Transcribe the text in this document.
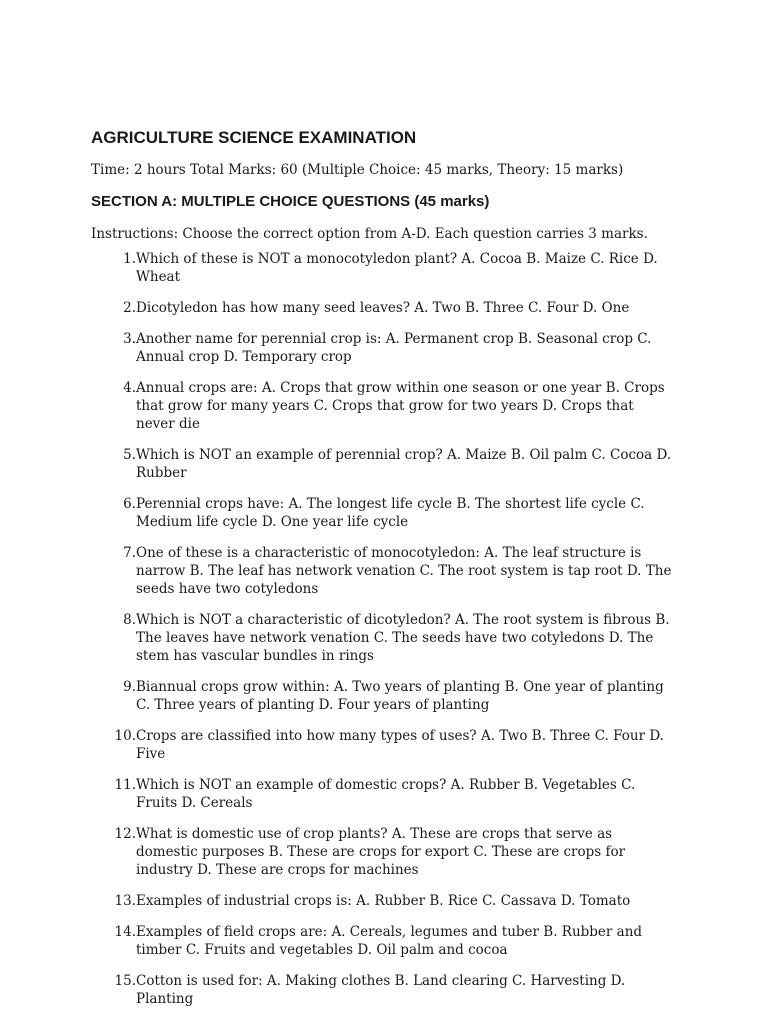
AGRICULTURE SCIENCE EXAMINATION

Time: 2 hours Total Marks: 60 (Multiple Choice: 45 marks, Theory: 15 marks)

SECTION A: MULTIPLE CHOICE QUESTIONS (45 marks)

Instructions: Choose the correct option from A-D. Each question carries 3 marks.

1. Which of these is NOT a monocotyledon plant? A. Cocoa B. Maize C. Rice D. Wheat
2. Dicotyledon has how many seed leaves? A. Two B. Three C. Four D. One
3. Another name for perennial crop is: A. Permanent crop B. Seasonal crop C. Annual crop D. Temporary crop
4. Annual crops are: A. Crops that grow within one season or one year B. Crops that grow for many years C. Crops that grow for two years D. Crops that never die
5. Which is NOT an example of perennial crop? A. Maize B. Oil palm C. Cocoa D. Rubber
6. Perennial crops have: A. The longest life cycle B. The shortest life cycle C. Medium life cycle D. One year life cycle
7. One of these is a characteristic of monocotyledon: A. The leaf structure is narrow B. The leaf has network venation C. The root system is tap root D. The seeds have two cotyledons
8. Which is NOT a characteristic of dicotyledon? A. The root system is fibrous B. The leaves have network venation C. The seeds have two cotyledons D. The stem has vascular bundles in rings
9. Biannual crops grow within: A. Two years of planting B. One year of planting C. Three years of planting D. Four years of planting
10. Crops are classified into how many types of uses? A. Two B. Three C. Four D. Five
11. Which is NOT an example of domestic crops? A. Rubber B. Vegetables C. Fruits D. Cereals
12. What is domestic use of crop plants? A. These are crops that serve as domestic purposes B. These are crops for export C. These are crops for industry D. These are crops for machines
13. Examples of industrial crops is: A. Rubber B. Rice C. Cassava D. Tomato
14. Examples of field crops are: A. Cereals, legumes and tuber B. Rubber and timber C. Fruits and vegetables D. Oil palm and cocoa
15. Cotton is used for: A. Making clothes B. Land clearing C. Harvesting D. Planting
